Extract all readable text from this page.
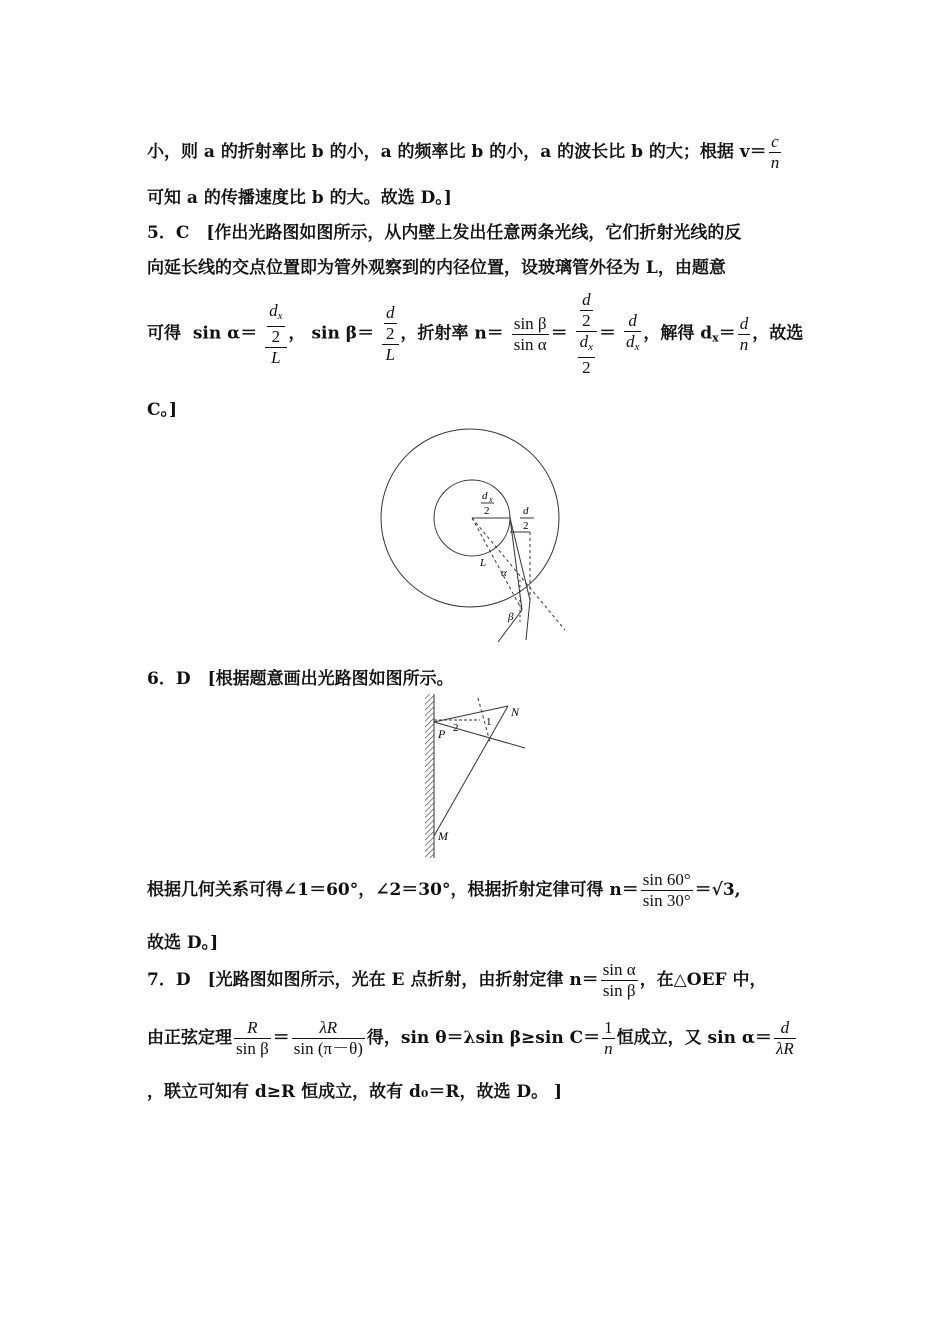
小，则 a 的折射率比 b 的小，a 的频率比 b 的小，a 的波长比 b 的大；根据 $v= \frac{c}{n}$
可知 a 的传播速度比 b 的大。故选 D。]
5．C　[作出光路图如图所示，从内壁上发出任意两条光线，它们折射光线的反
向延长线的交点位置即为管外观察到的内径位置，设玻璃管外径为 L，由题意
可得 $\sin \alpha= \frac{\frac{d_x}{2}}{L}$ ， $\sin \beta= \frac{\frac{d}{2}}{L}$ ，折射率 $n= \frac{\text{sin β}}{\text{sin α}} = \frac{\frac{d}{2}}{\frac{d_x}{2}} = \frac{d}{d_x}$ ，解得 $d_x= \frac{d}{n}$ ，故选
C。]
d x
2	d
2
L
α
β
6．D　[根据题意画出光路图如图所示。
N
P
M
1
2
根据几何关系可得∠1＝60°，∠2＝30°，根据折射定律可得 $n= \frac{\sin 60^\circ}{\sin 30^\circ} =√3$,
故选 D。]
7．D　[光路图如图所示，光在 E 点折射，由折射定律 $n= \frac{\text{sin α}}{\text{sin β}}$ ，在△OEF 中，
由正弦定理 $\frac{R}{\text{sin β}} = \frac{\lambda R}{\sin (\pi-\theta)}$ 得，sin θ＝λsin β≥sin $C= \frac{1}{n}$ 恒成立，又 $\sin \alpha= \frac{d}{\lambda R}$
，联立可知有 d≥R 恒成立，故有 d₀＝R，故选 D。 ]
